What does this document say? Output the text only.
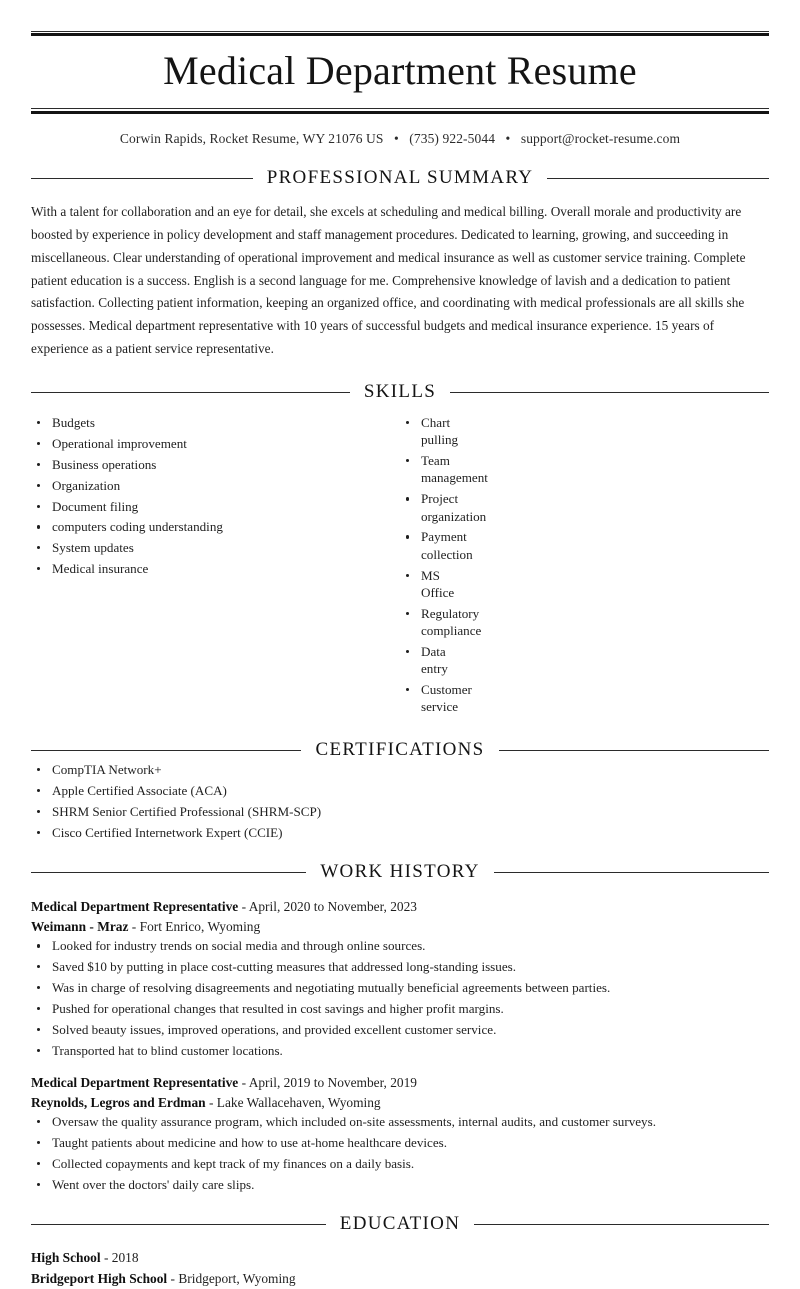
Medical Department Resume
Corwin Rapids, Rocket Resume, WY 21076 US • (735) 922-5044 • support@rocket-resume.com
PROFESSIONAL SUMMARY

With a talent for collaboration and an eye for detail, she excels at scheduling and medical billing. Overall morale and productivity are boosted by experience in policy development and staff management procedures. Dedicated to learning, growing, and succeeding in miscellaneous. Clear understanding of operational improvement and medical insurance as well as customer service training. Complete patient education is a success. English is a second language for me. Comprehensive knowledge of lavish and a dedication to patient satisfaction. Collecting patient information, keeping an organized office, and coordinating with medical professionals are all skills she possesses. Medical department representative with 10 years of successful budgets and medical insurance experience. 15 years of experience as a patient service representative.

SKILLS
Budgets
Operational improvement
Business operations
Organization
Document filing
computers coding understanding
System updates
Medical insurance
Chart pulling
Team management
Project organization
Payment collection
MS Office
Regulatory compliance
Data entry
Customer service
CERTIFICATIONS
CompTIA Network+
Apple Certified Associate (ACA)
SHRM Senior Certified Professional (SHRM-SCP)
Cisco Certified Internetwork Expert (CCIE)
WORK HISTORY
Medical Department Representative - April, 2020 to November, 2023
Weimann - Mraz - Fort Enrico, Wyoming
Looked for industry trends on social media and through online sources.
Saved $10 by putting in place cost-cutting measures that addressed long-standing issues.
Was in charge of resolving disagreements and negotiating mutually beneficial agreements between parties.
Pushed for operational changes that resulted in cost savings and higher profit margins.
Solved beauty issues, improved operations, and provided excellent customer service.
Transported hat to blind customer locations.
Medical Department Representative - April, 2019 to November, 2019
Reynolds, Legros and Erdman - Lake Wallacehaven, Wyoming
Oversaw the quality assurance program, which included on-site assessments, internal audits, and customer surveys.
Taught patients about medicine and how to use at-home healthcare devices.
Collected copayments and kept track of my finances on a daily basis.
Went over the doctors' daily care slips.
EDUCATION
High School - 2018
Bridgeport High School - Bridgeport, Wyoming
